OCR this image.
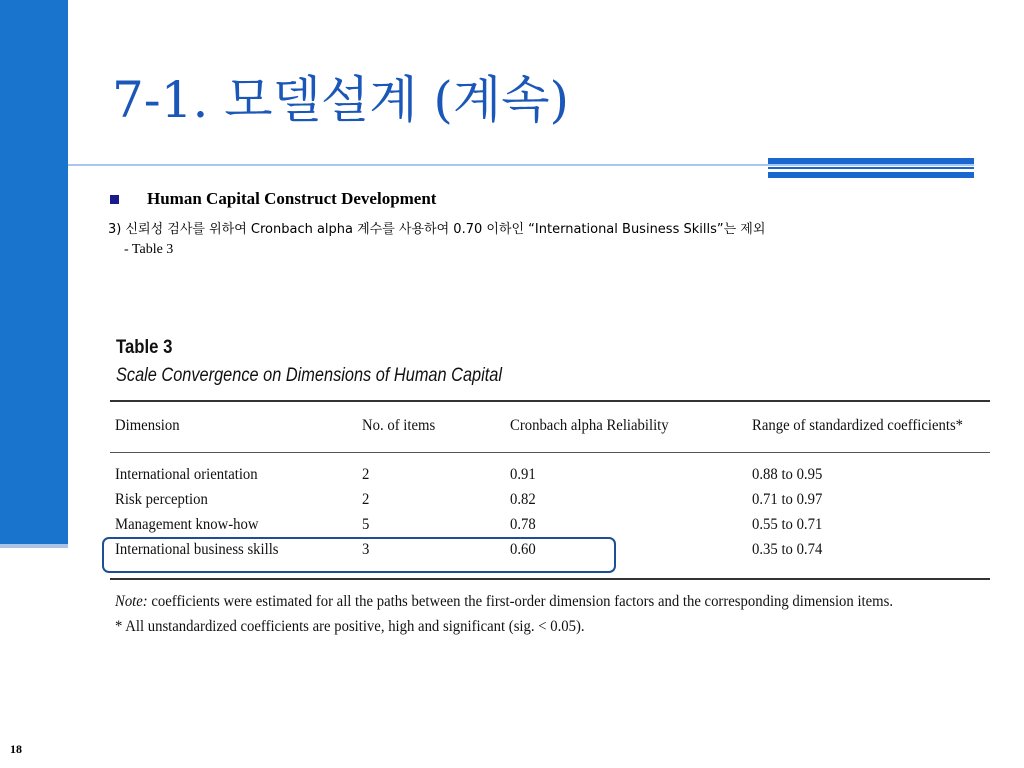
7-1. 모델설계 (계속)
Human Capital Construct Development
3) 신뢰성 검사를 위하여 Cronbach alpha 계수를 사용하여 0.70 이하인 “International Business Skills”는 제외
- Table 3
Table 3
Scale Convergence on Dimensions of Human Capital
Dimension	No. of items	Cronbach alpha Reliability	Range of standardized coefficients*
International orientation	2	0.91	0.88 to 0.95
Risk perception	2	0.82	0.71 to 0.97
Management know-how	5	0.78	0.55 to 0.71
International business skills	3	0.60	0.35 to 0.74
Note: coefficients were estimated for all the paths between the first-order dimension factors and the corresponding dimension items.
* All unstandardized coefficients are positive, high and significant (sig. < 0.05).
18
